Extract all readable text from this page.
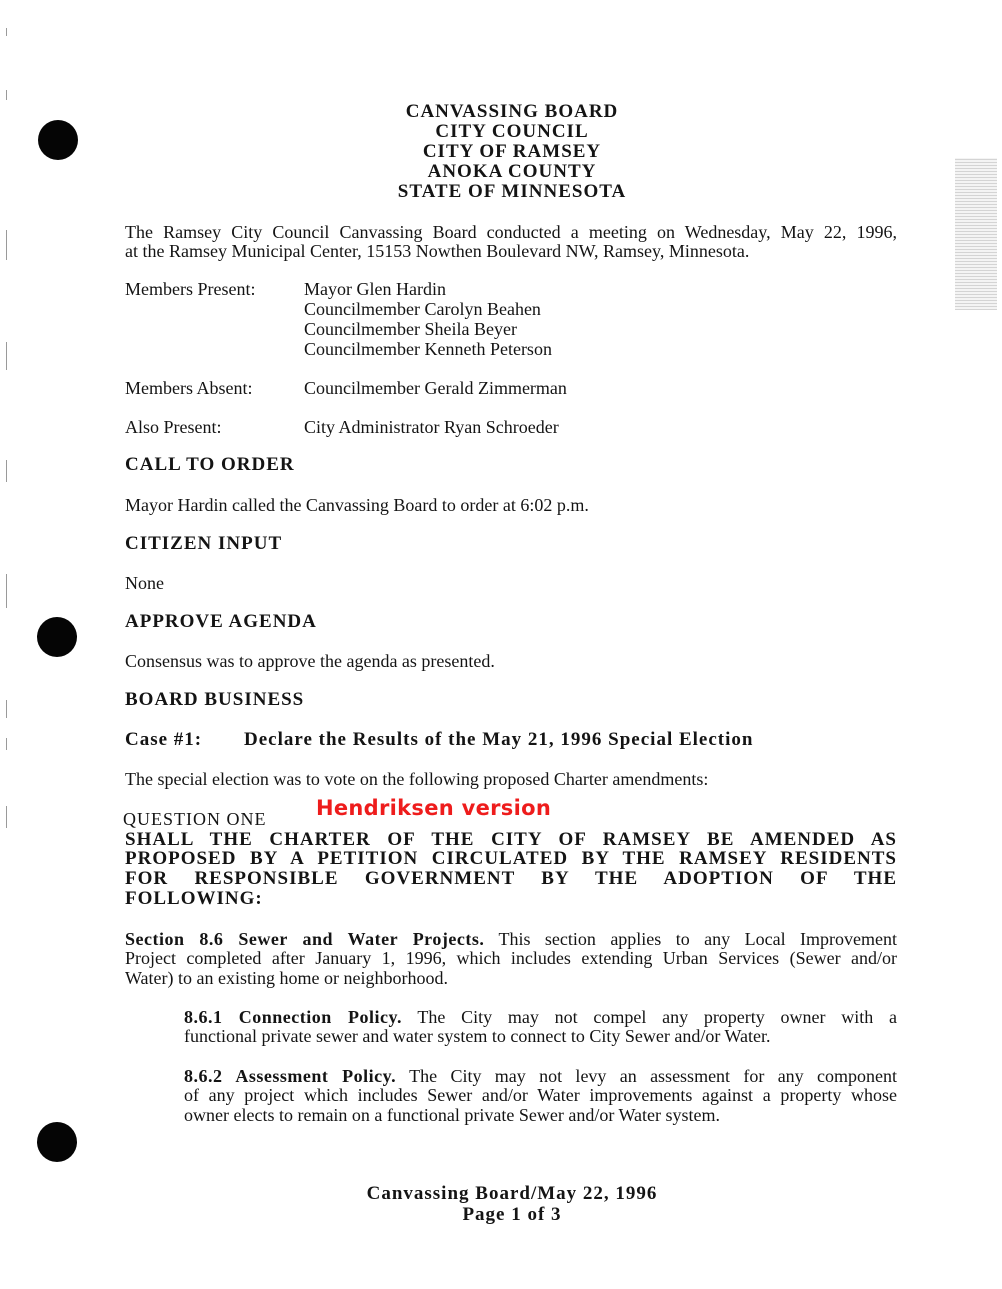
CANVASSING BOARD
CITY COUNCIL
CITY OF RAMSEY
ANOKA COUNTY
STATE OF MINNESOTA
The Ramsey City Council Canvassing Board conducted a meeting on Wednesday, May 22, 1996,
at the Ramsey Municipal Center, 15153 Nowthen Boulevard NW, Ramsey, Minnesota.
Members Present:	Mayor Glen Hardin
Councilmember Carolyn Beahen
Councilmember Sheila Beyer
Councilmember Kenneth Peterson
Members Absent:	Councilmember Gerald Zimmerman
Also Present:	City Administrator Ryan Schroeder
CALL TO ORDER
Mayor Hardin called the Canvassing Board to order at 6:02 p.m.
CITIZEN INPUT
None
APPROVE AGENDA
Consensus was to approve the agenda as presented.
BOARD BUSINESS
Case #1: Declare the Results of the May 21, 1996 Special Election
The special election was to vote on the following proposed Charter amendments:
QUESTION ONE Hendriksen version
SHALL THE CHARTER OF THE CITY OF RAMSEY BE AMENDED AS
PROPOSED BY A PETITION CIRCULATED BY THE RAMSEY RESIDENTS
FOR RESPONSIBLE GOVERNMENT BY THE ADOPTION OF THE
FOLLOWING:
Section 8.6 Sewer and Water Projects. This section applies to any Local Improvement
Project completed after January 1, 1996, which includes extending Urban Services (Sewer and/or
Water) to an existing home or neighborhood.
8.6.1 Connection Policy. The City may not compel any property owner with a
functional private sewer and water system to connect to City Sewer and/or Water.
8.6.2 Assessment Policy. The City may not levy an assessment for any component
of any project which includes Sewer and/or Water improvements against a property whose
owner elects to remain on a functional private Sewer and/or Water system.
Canvassing Board/May 22, 1996
Page 1 of 3
